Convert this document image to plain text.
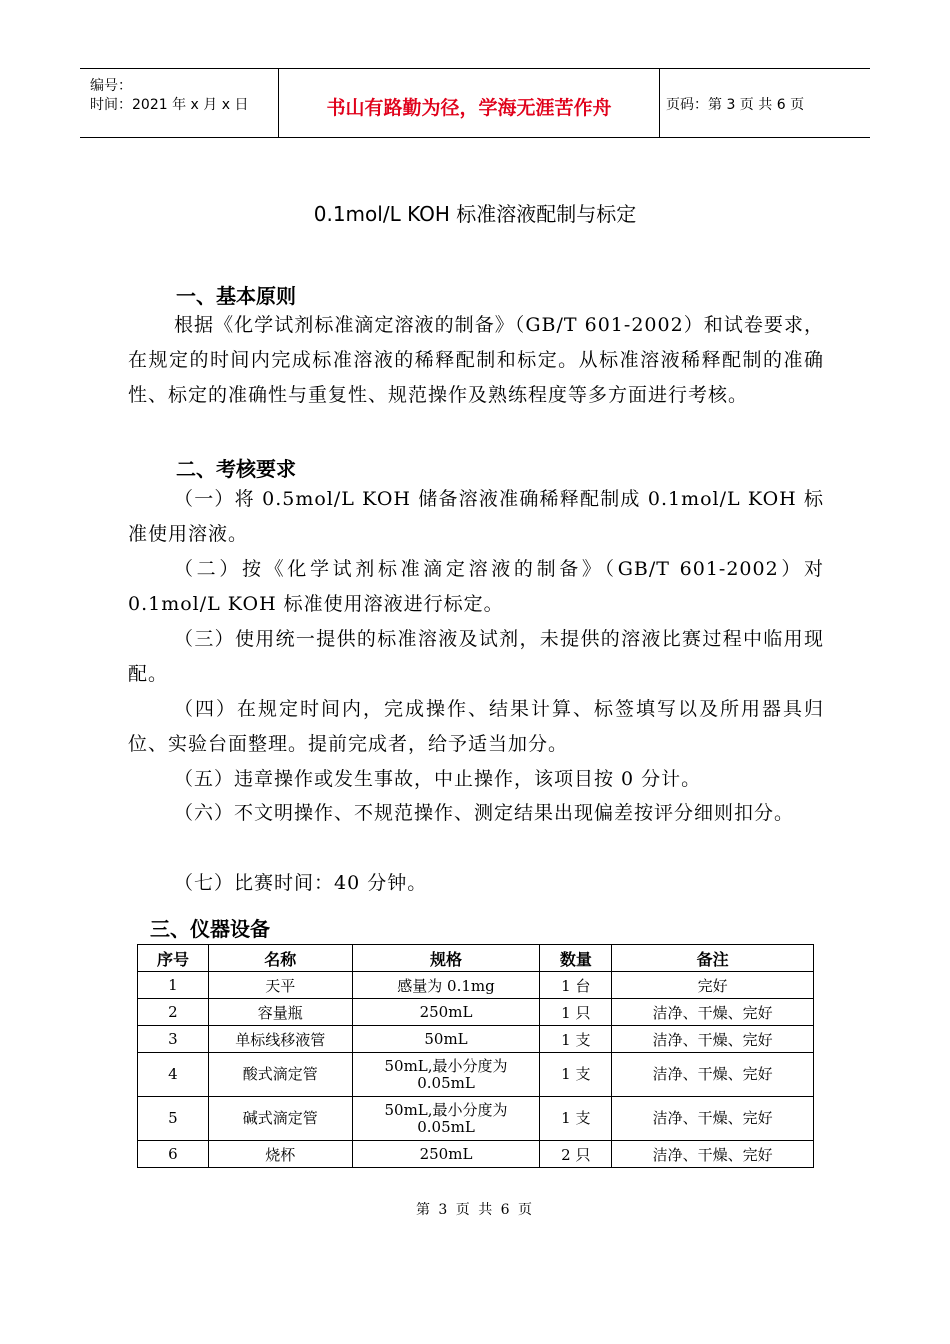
编号：
时间：2021 年 x 月 x 日	书山有路勤为径，学海无涯苦作舟	页码：第 3 页 共 6 页
0.1mol/L KOH 标准溶液配制与标定
一、基本原则

根据《化学试剂标准滴定溶液的制备》（GB/T 601-2002）和试卷要求，在规定的时间内完成标准溶液的稀释配制和标定。从标准溶液稀释配制的准确性、标定的准确性与重复性、规范操作及熟练程度等多方面进行考核。

二、考核要求

（一）将 0.5mol/L KOH 储备溶液准确稀释配制成 0.1mol/L KOH 标准使用溶液。

（二）按《化学试剂标准滴定溶液的制备》（GB/T 601-2002）对 0.1mol/L KOH 标准使用溶液进行标定。

（三）使用统一提供的标准溶液及试剂，未提供的溶液比赛过程中临用现配。

（四）在规定时间内，完成操作、结果计算、标签填写以及所用器具归位、实验台面整理。提前完成者，给予适当加分。

（五）违章操作或发生事故，中止操作，该项目按 0 分计。

（六）不文明操作、不规范操作、测定结果出现偏差按评分细则扣分。

（七）比赛时间：40 分钟。

三、仪器设备
序号	名称	规格	数量	备注
1	天平	感量为 0.1mg	1 台	完好
2	容量瓶	250mL	1 只	洁净、干燥、完好
3	单标线移液管	50mL	1 支	洁净、干燥、完好
4	酸式滴定管	50mL,最小分度为 0.05mL	1 支	洁净、干燥、完好
5	碱式滴定管	50mL,最小分度为 0.05mL	1 支	洁净、干燥、完好
6	烧杯	250mL	2 只	洁净、干燥、完好
第 3 页 共 6 页
